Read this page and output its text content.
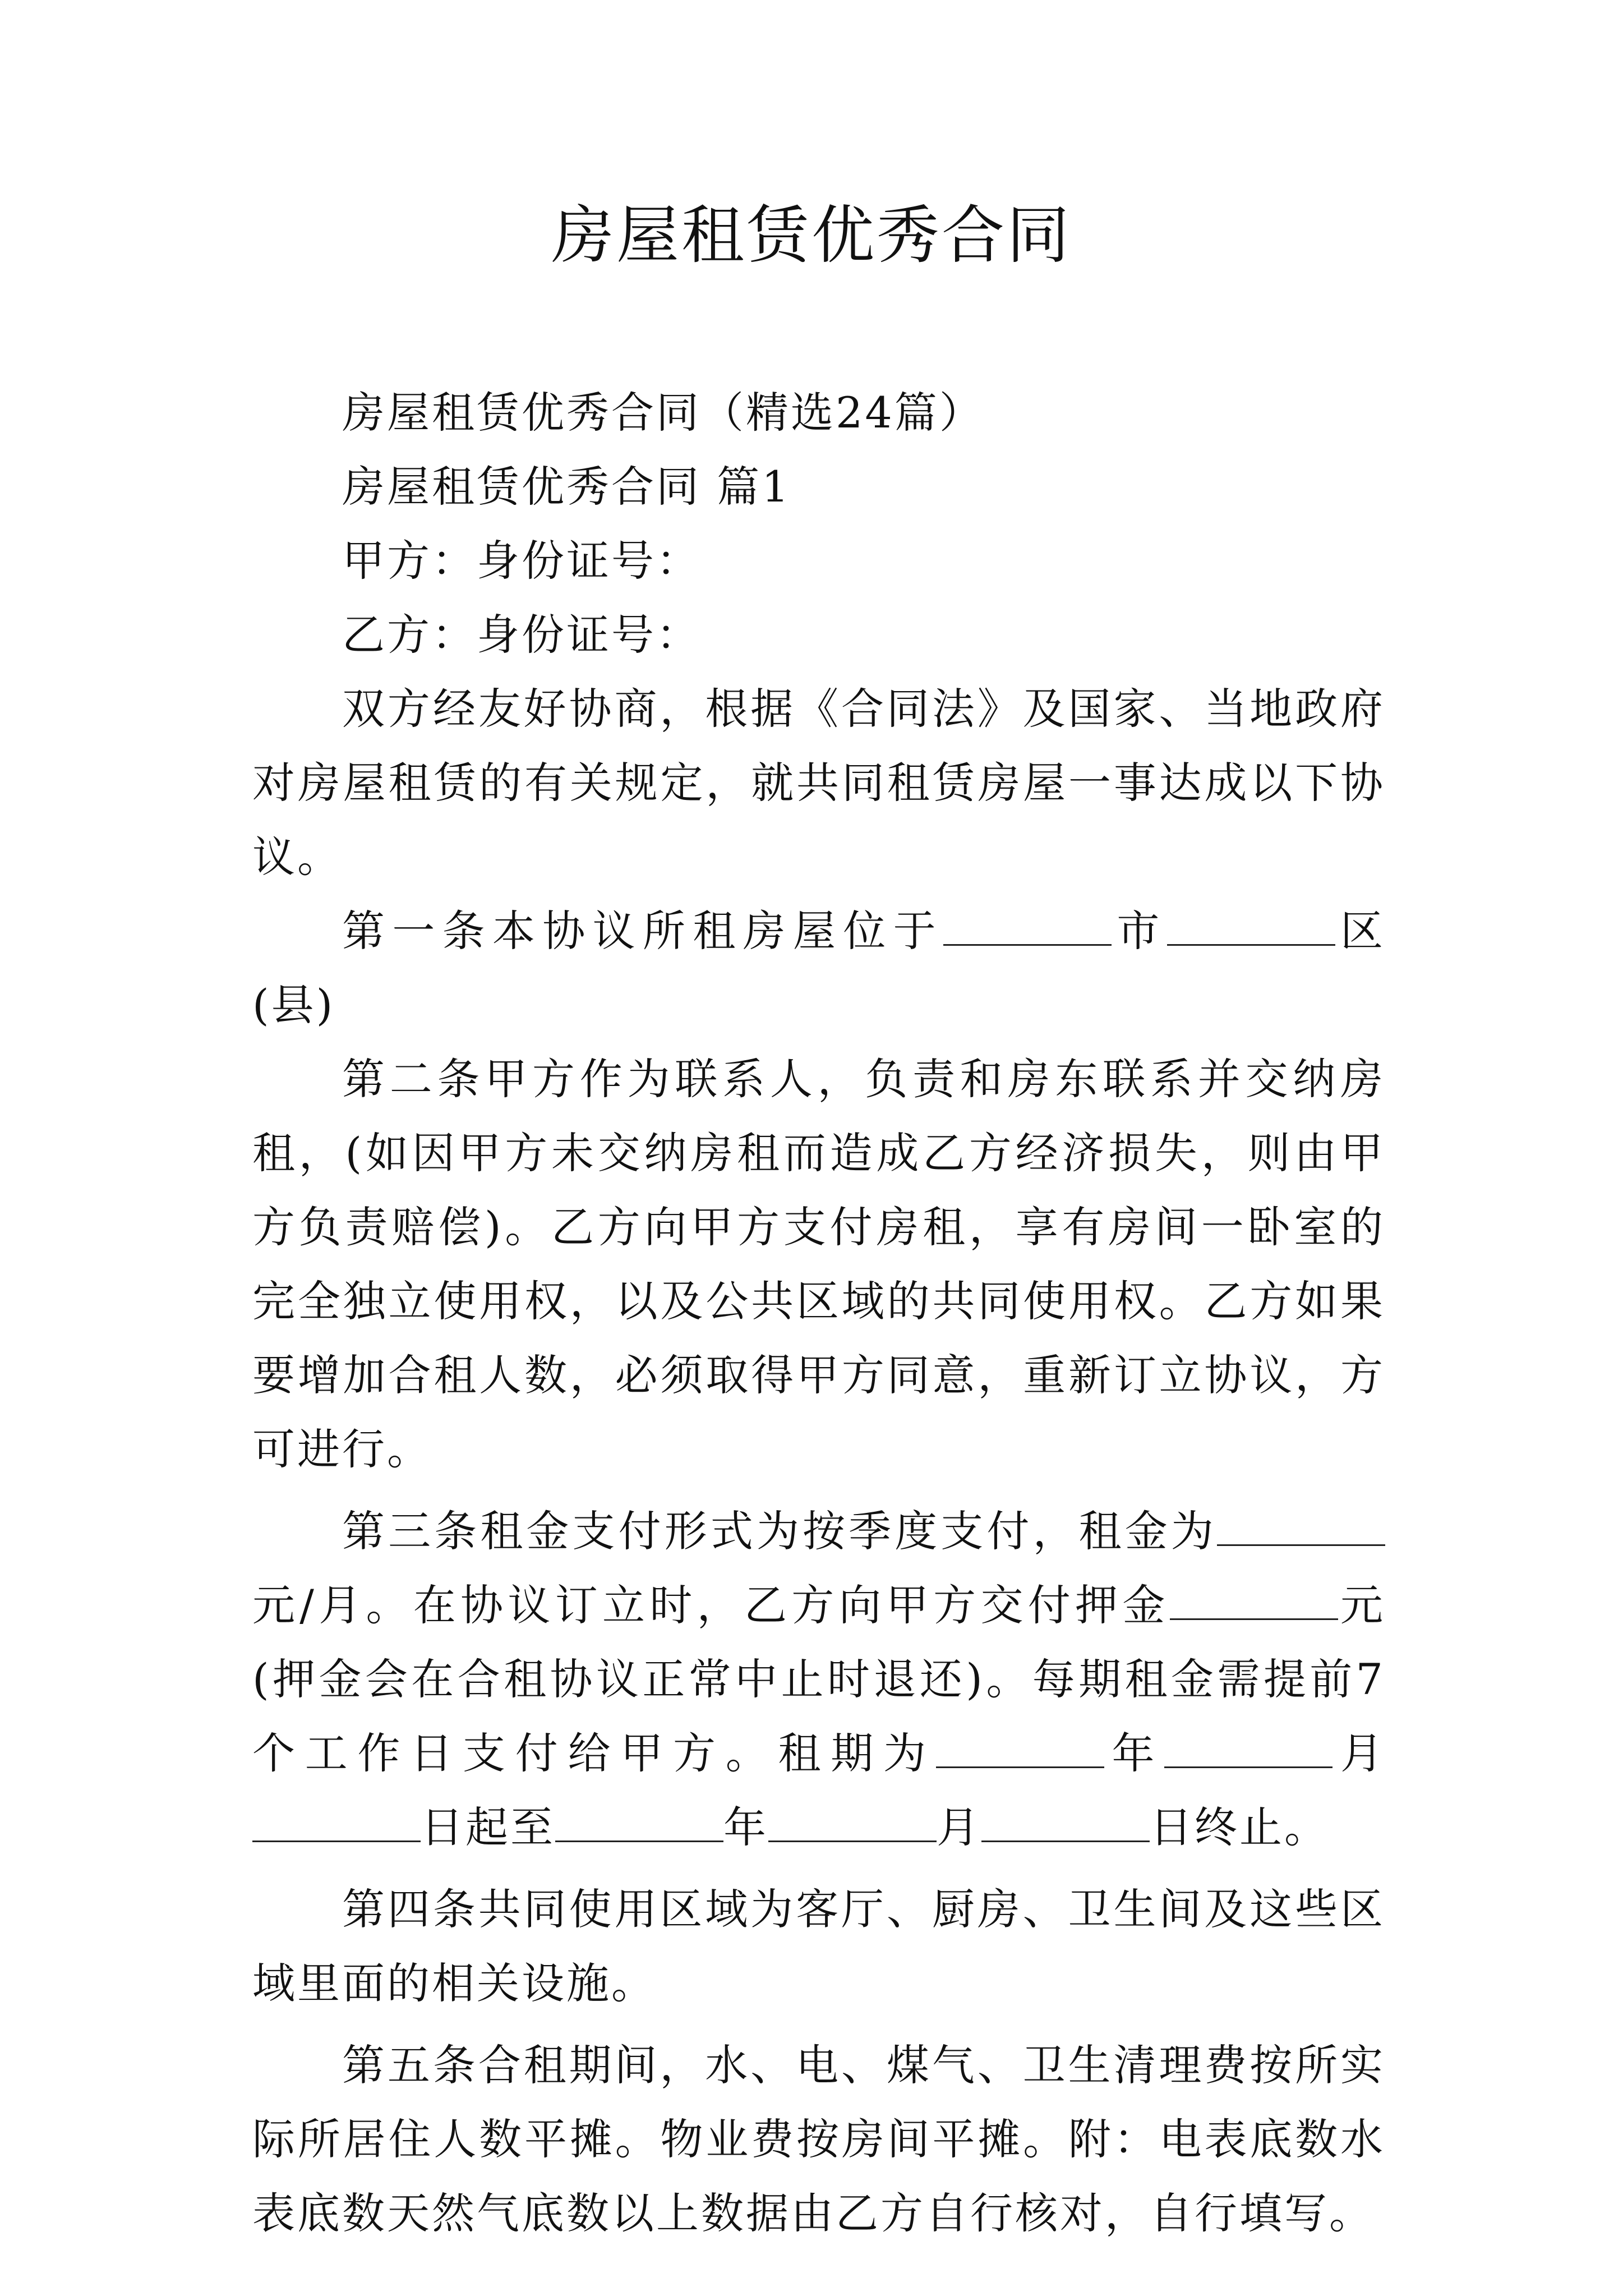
房屋租赁优秀合同

房屋租赁优秀合同（精选24篇）

房屋租赁优秀合同 篇1

甲方：身份证号：

乙方：身份证号：

双方经友好协商，根据《合同法》及国家、当地政府对房屋租赁的有关规定，就共同租赁房屋一事达成以下协议。

第一条本协议所租房屋位于	市	区(县)

第二条甲方作为联系人，负责和房东联系并交纳房租，(如因甲方未交纳房租而造成乙方经济损失，则由甲方负责赔偿)。乙方向甲方支付房租，享有房间一卧室的完全独立使用权，以及公共区域的共同使用权。乙方如果要增加合租人数，必须取得甲方同意，重新订立协议，方可进行。

第三条租金支付形式为按季度支付，租金为元/月。在协议订立时，乙方向甲方交付押金	元(押金会在合租协议正常中止时退还)。每期租金需提前7个工作日支付给甲方。租期为	年	月日起至	年	月	日终止。

第四条共同使用区域为客厅、厨房、卫生间及这些区域里面的相关设施。

第五条合租期间，水、电、煤气、卫生清理费按所实际所居住人数平摊。物业费按房间平摊。附：电表底数水表底数天然气底数以上数据由乙方自行核对，自行填写。
